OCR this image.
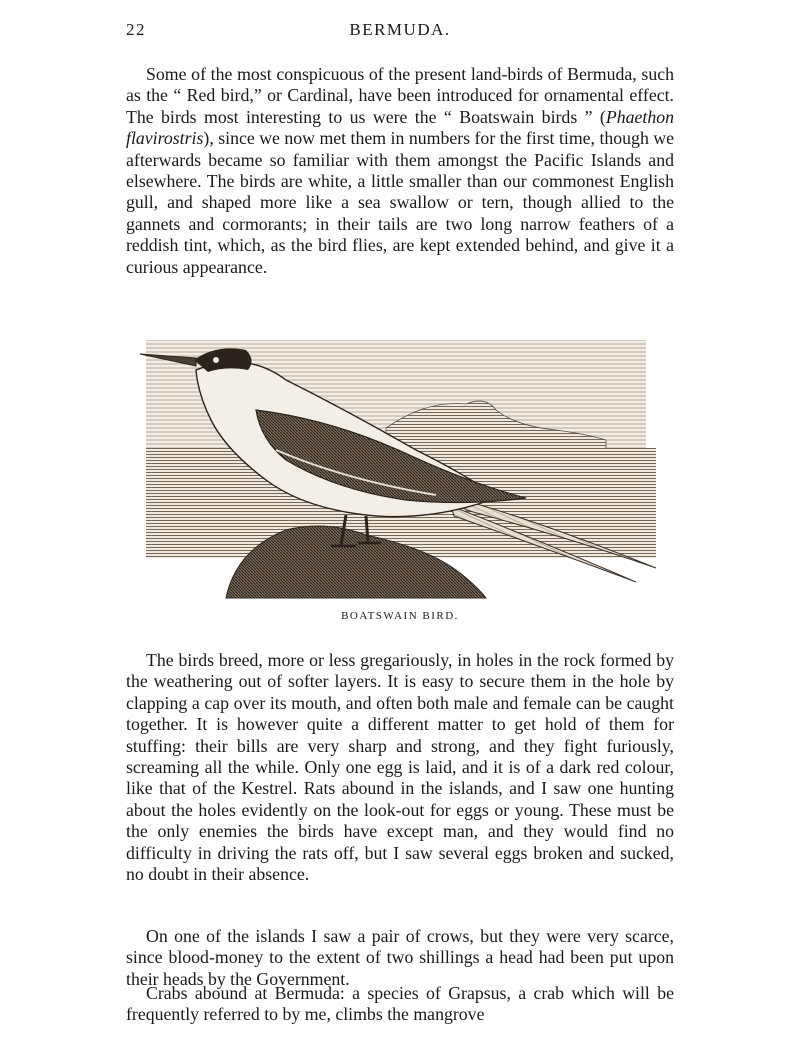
22	BERMUDA.

Some of the most conspicuous of the present land-birds of Bermuda, such as the “ Red bird,” or Cardinal, have been introduced for ornamental effect. The birds most interesting to us were the “ Boatswain birds ” (Phaethon flavirostris), since we now met them in numbers for the first time, though we afterwards became so familiar with them amongst the Pacific Islands and elsewhere. The birds are white, a little smaller than our commonest English gull, and shaped more like a sea swallow or tern, though allied to the gannets and cormorants; in their tails are two long narrow feathers of a reddish tint, which, as the bird flies, are kept extended behind, and give it a curious appearance.

BOATSWAIN BIRD.

The birds breed, more or less gregariously, in holes in the rock formed by the weathering out of softer layers. It is easy to secure them in the hole by clapping a cap over its mouth, and often both male and female can be caught together. It is however quite a different matter to get hold of them for stuffing: their bills are very sharp and strong, and they fight furiously, screaming all the while. Only one egg is laid, and it is of a dark red colour, like that of the Kestrel. Rats abound in the islands, and I saw one hunting about the holes evidently on the look-out for eggs or young. These must be the only enemies the birds have except man, and they would find no difficulty in driving the rats off, but I saw several eggs broken and sucked, no doubt in their absence.

On one of the islands I saw a pair of crows, but they were very scarce, since blood-money to the extent of two shillings a head had been put upon their heads by the Government.

Crabs abound at Bermuda: a species of Grapsus, a crab which will be frequently referred to by me, climbs the mangrove
